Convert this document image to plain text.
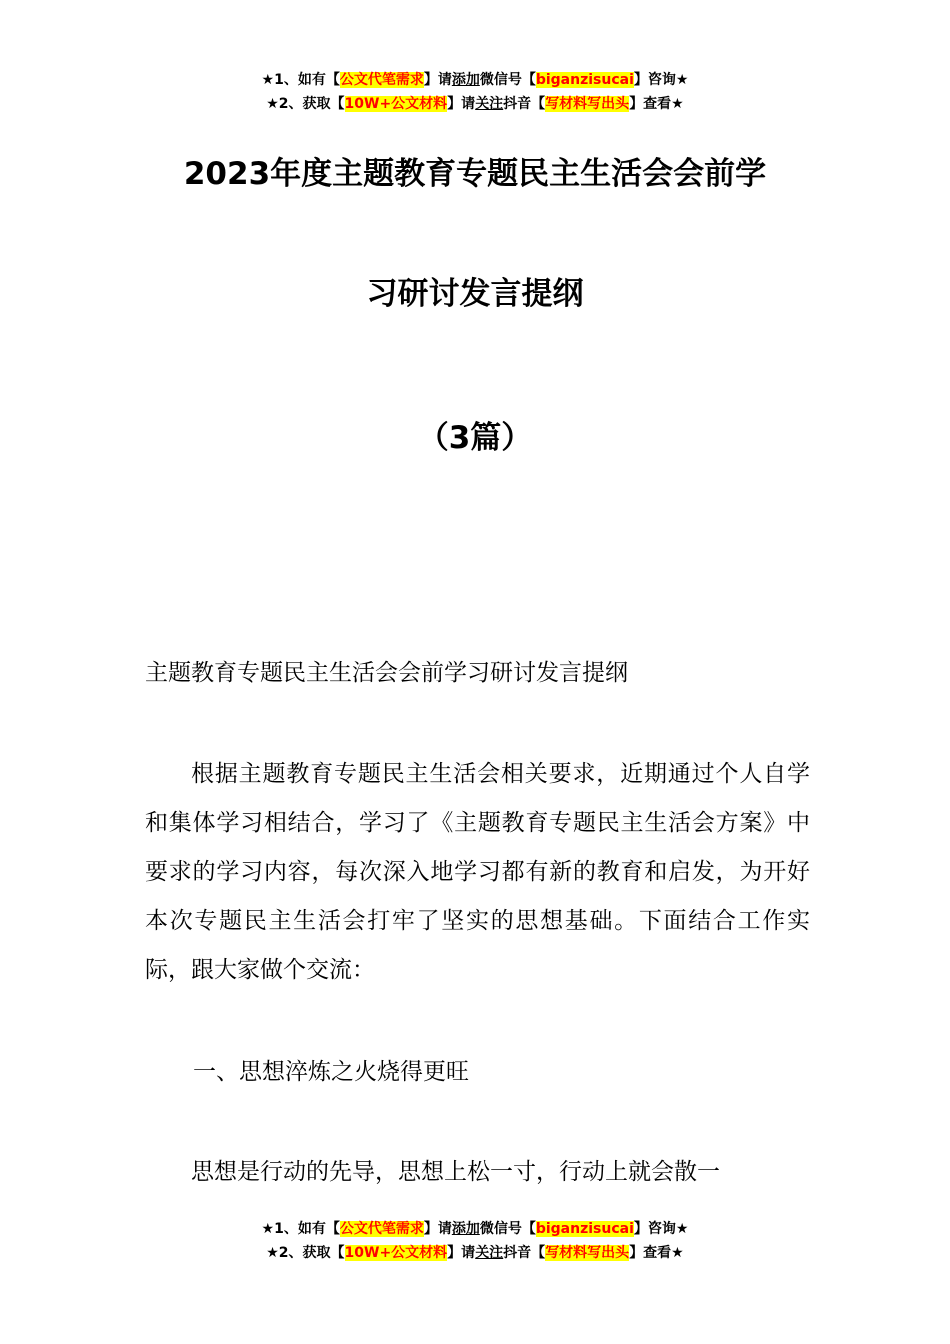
★1、如有【公文代笔需求】请添加微信号【biganzisucai】咨询★
★2、获取【10W+公文材料】请关注抖音【写材料写出头】查看★
2023年度主题教育专题民主生活会会前学
习研讨发言提纲
（3篇）
主题教育专题民主生活会会前学习研讨发言提纲

根据主题教育专题民主生活会相关要求，近期通过个人自学和集体学习相结合，学习了《主题教育专题民主生活会方案》中要求的学习内容，每次深入地学习都有新的教育和启发，为开好本次专题民主生活会打牢了坚实的思想基础。下面结合工作实际，跟大家做个交流：

一、思想淬炼之火烧得更旺

思想是行动的先导，思想上松一寸，行动上就会散一

★1、如有【公文代笔需求】请添加微信号【biganzisucai】咨询★
★2、获取【10W+公文材料】请关注抖音【写材料写出头】查看★
